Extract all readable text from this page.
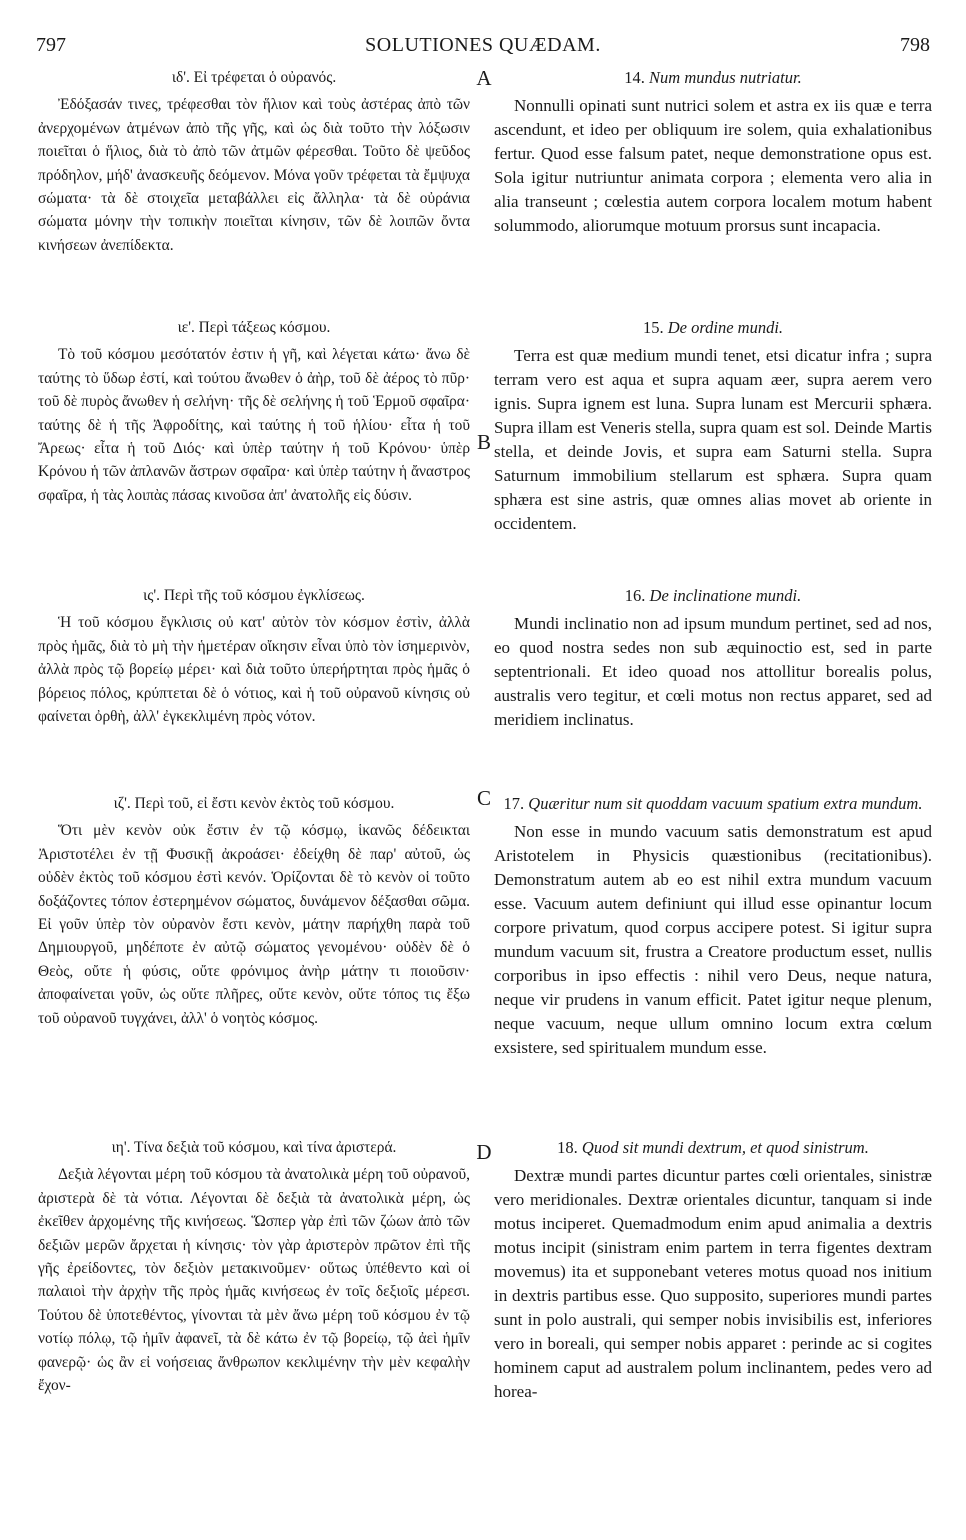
797	SOLUTIONES QUÆDAM.	798
A
B
C
D
ιδ'. Εἰ τρέφεται ὁ οὐρανός.
Ἐδόξασάν τινες, τρέφεσθαι τὸν ἥλιον καὶ τοὺς ἀστέρας ἀπὸ τῶν ἀνερχομένων ἀτμένων ἀπὸ τῆς γῆς, καὶ ὡς διὰ τοῦτο τὴν λόξωσιν ποιεῖται ὁ ἥλιος, διὰ τὸ ἀπὸ τῶν ἀτμῶν φέρεσθαι. Τοῦτο δὲ ψεῦδος πρόδηλον, μήδ' ἀνασκευῆς δεόμενον. Μόνα γοῦν τρέφεται τὰ ἔμψυχα σώματα· τὰ δὲ στοιχεῖα μεταβάλλει εἰς ἄλληλα· τὰ δὲ οὐράνια σώματα μόνην τὴν τοπικὴν ποιεῖται κίνησιν, τῶν δὲ λοιπῶν ὄντα κινήσεων ἀνεπίδεκτα.
ιε'. Περὶ τάξεως κόσμου.
Τὸ τοῦ κόσμου μεσότατόν ἐστιν ἡ γῆ, καὶ λέγεται κάτω· ἄνω δὲ ταύτης τὸ ὕδωρ ἐστί, καὶ τούτου ἄνωθεν ὁ ἀὴρ, τοῦ δὲ ἀέρος τὸ πῦρ· τοῦ δὲ πυρὸς ἄνωθεν ἡ σελήνη· τῆς δὲ σελήνης ἡ τοῦ Ἑρμοῦ σφαῖρα· ταύτης δὲ ἡ τῆς Ἀφροδίτης, καὶ ταύτης ἡ τοῦ ἡλίου· εἶτα ἡ τοῦ Ἄρεως· εἶτα ἡ τοῦ Διός· καὶ ὑπὲρ ταύτην ἡ τοῦ Κρόνου· ὑπὲρ Κρόνου ἡ τῶν ἀπλανῶν ἄστρων σφαῖρα· καὶ ὑπὲρ ταύτην ἡ ἄναστρος σφαῖρα, ἡ τὰς λοιπὰς πάσας κινοῦσα ἀπ' ἀνατολῆς εἰς δύσιν.
ις'. Περὶ τῆς τοῦ κόσμου ἐγκλίσεως.
Ἡ τοῦ κόσμου ἔγκλισις οὐ κατ' αὐτὸν τὸν κόσμον ἐστὶν, ἀλλὰ πρὸς ἡμᾶς, διὰ τὸ μὴ τὴν ἡμετέραν οἴκησιν εἶναι ὑπὸ τὸν ἰσημερινὸν, ἀλλὰ πρὸς τῷ βορείῳ μέρει· καὶ διὰ τοῦτο ὑπερήρτηται πρὸς ἡμᾶς ὁ βόρειος πόλος, κρύπτεται δὲ ὁ νότιος, καὶ ἡ τοῦ οὐρανοῦ κίνησις οὐ φαίνεται ὀρθὴ, ἀλλ' ἐγκεκλιμένη πρὸς νότον.
ιζ'. Περὶ τοῦ, εἰ ἔστι κενὸν ἐκτὸς τοῦ κόσμου.
Ὅτι μὲν κενὸν οὐκ ἔστιν ἐν τῷ κόσμῳ, ἱκανῶς δέδεικται Ἀριστοτέλει ἐν τῇ Φυσικῇ ἀκροάσει· ἐδείχθη δὲ παρ' αὐτοῦ, ὡς οὐδὲν ἐκτὸς τοῦ κόσμου ἐστὶ κενόν. Ὁρίζονται δὲ τὸ κενὸν οἱ τοῦτο δοξάζοντες τόπον ἐστερημένον σώματος, δυνάμενον δέξασθαι σῶμα. Εἰ γοῦν ὑπὲρ τὸν οὐρανὸν ἔστι κενὸν, μάτην παρήχθη παρὰ τοῦ Δημιουργοῦ, μηδέποτε ἐν αὐτῷ σώματος γενομένου· οὐδὲν δὲ ὁ Θεὸς, οὔτε ἡ φύσις, οὔτε φρόνιμος ἀνὴρ μάτην τι ποιοῦσιν· ἀποφαίνεται γοῦν, ὡς οὔτε πλῆρες, οὔτε κενὸν, οὔτε τόπος τις ἔξω τοῦ οὐρανοῦ τυγχάνει, ἀλλ' ὁ νοητὸς κόσμος.
ιη'. Τίνα δεξιὰ τοῦ κόσμου, καὶ τίνα ἀριστερά.
Δεξιὰ λέγονται μέρη τοῦ κόσμου τὰ ἀνατολικὰ μέρη τοῦ οὐρανοῦ, ἀριστερὰ δὲ τὰ νότια. Λέγονται δὲ δεξιὰ τὰ ἀνατολικὰ μέρη, ὡς ἐκεῖθεν ἀρχομένης τῆς κινήσεως. Ὥσπερ γὰρ ἐπὶ τῶν ζώων ἀπὸ τῶν δεξιῶν μερῶν ἄρχεται ἡ κίνησις· τὸν γὰρ ἀριστερὸν πρῶτον ἐπὶ τῆς γῆς ἐρείδοντες, τὸν δεξιὸν μετακινοῦμεν· οὕτως ὑπέθεντο καὶ οἱ παλαιοὶ τὴν ἀρχὴν τῆς πρὸς ἡμᾶς κινήσεως ἐν τοῖς δεξιοῖς μέρεσι. Τούτου δὲ ὑποτεθέντος, γίνονται τὰ μὲν ἄνω μέρη τοῦ κόσμου ἐν τῷ νοτίῳ πόλῳ, τῷ ἡμῖν ἀφανεῖ, τὰ δὲ κάτω ἐν τῷ βορείῳ, τῷ ἀεὶ ἡμῖν φανερῷ· ὡς ἂν εἰ νοήσειας ἄνθρωπον κεκλιμένην τὴν μὲν κεφαλὴν ἔχον-
14. Num mundus nutriatur.
Nonnulli opinati sunt nutrici solem et astra ex iis quæ e terra ascendunt, et ideo per obliquum ire solem, quia exhalationibus fertur. Quod esse falsum patet, neque demonstratione opus est. Sola igitur nutriuntur animata corpora ; elementa vero alia in alia transeunt ; cœlestia autem corpora localem motum habent solummodo, aliorumque motuum prorsus sunt incapacia.
15. De ordine mundi.
Terra est quæ medium mundi tenet, etsi dicatur infra ; supra terram vero est aqua et supra aquam æer, supra aerem vero ignis. Supra ignem est luna. Supra lunam est Mercurii sphæra. Supra illam est Veneris stella, supra quam est sol. Deinde Martis stella, et deinde Jovis, et supra eam Saturni stella. Supra Saturnum immobilium stellarum est sphæra. Supra quam sphæra est sine astris, quæ omnes alias movet ab oriente in occidentem.
16. De inclinatione mundi.
Mundi inclinatio non ad ipsum mundum pertinet, sed ad nos, eo quod nostra sedes non sub æquinoctio est, sed in parte septentrionali. Et ideo quoad nos attollitur borealis polus, australis vero tegitur, et cœli motus non rectus apparet, sed ad meridiem inclinatus.
17. Quæritur num sit quoddam vacuum spatium extra mundum.
Non esse in mundo vacuum satis demonstratum est apud Aristotelem in Physicis quæstionibus (recitationibus). Demonstratum autem ab eo est nihil extra mundum vacuum esse. Vacuum autem definiunt qui illud esse opinantur locum corpore privatum, quod corpus accipere potest. Si igitur supra mundum vacuum sit, frustra a Creatore productum esset, nullis corporibus in ipso effectis : nihil vero Deus, neque natura, neque vir prudens in vanum efficit. Patet igitur neque plenum, neque vacuum, neque ullum omnino locum extra cœlum exsistere, sed spiritualem mundum esse.
18. Quod sit mundi dextrum, et quod sinistrum.
Dextræ mundi partes dicuntur partes cœli orientales, sinistræ vero meridionales. Dextræ orientales dicuntur, tanquam si inde motus inciperet. Quemadmodum enim apud animalia a dextris motus incipit (sinistram enim partem in terra figentes dextram movemus) ita et supponebant veteres motus quoad nos initium in dextris partibus esse. Quo supposito, superiores mundi partes sunt in polo australi, qui semper nobis invisibilis est, inferiores vero in boreali, qui semper nobis apparet : perinde ac si cogites hominem caput ad australem polum inclinantem, pedes vero ad horea-
